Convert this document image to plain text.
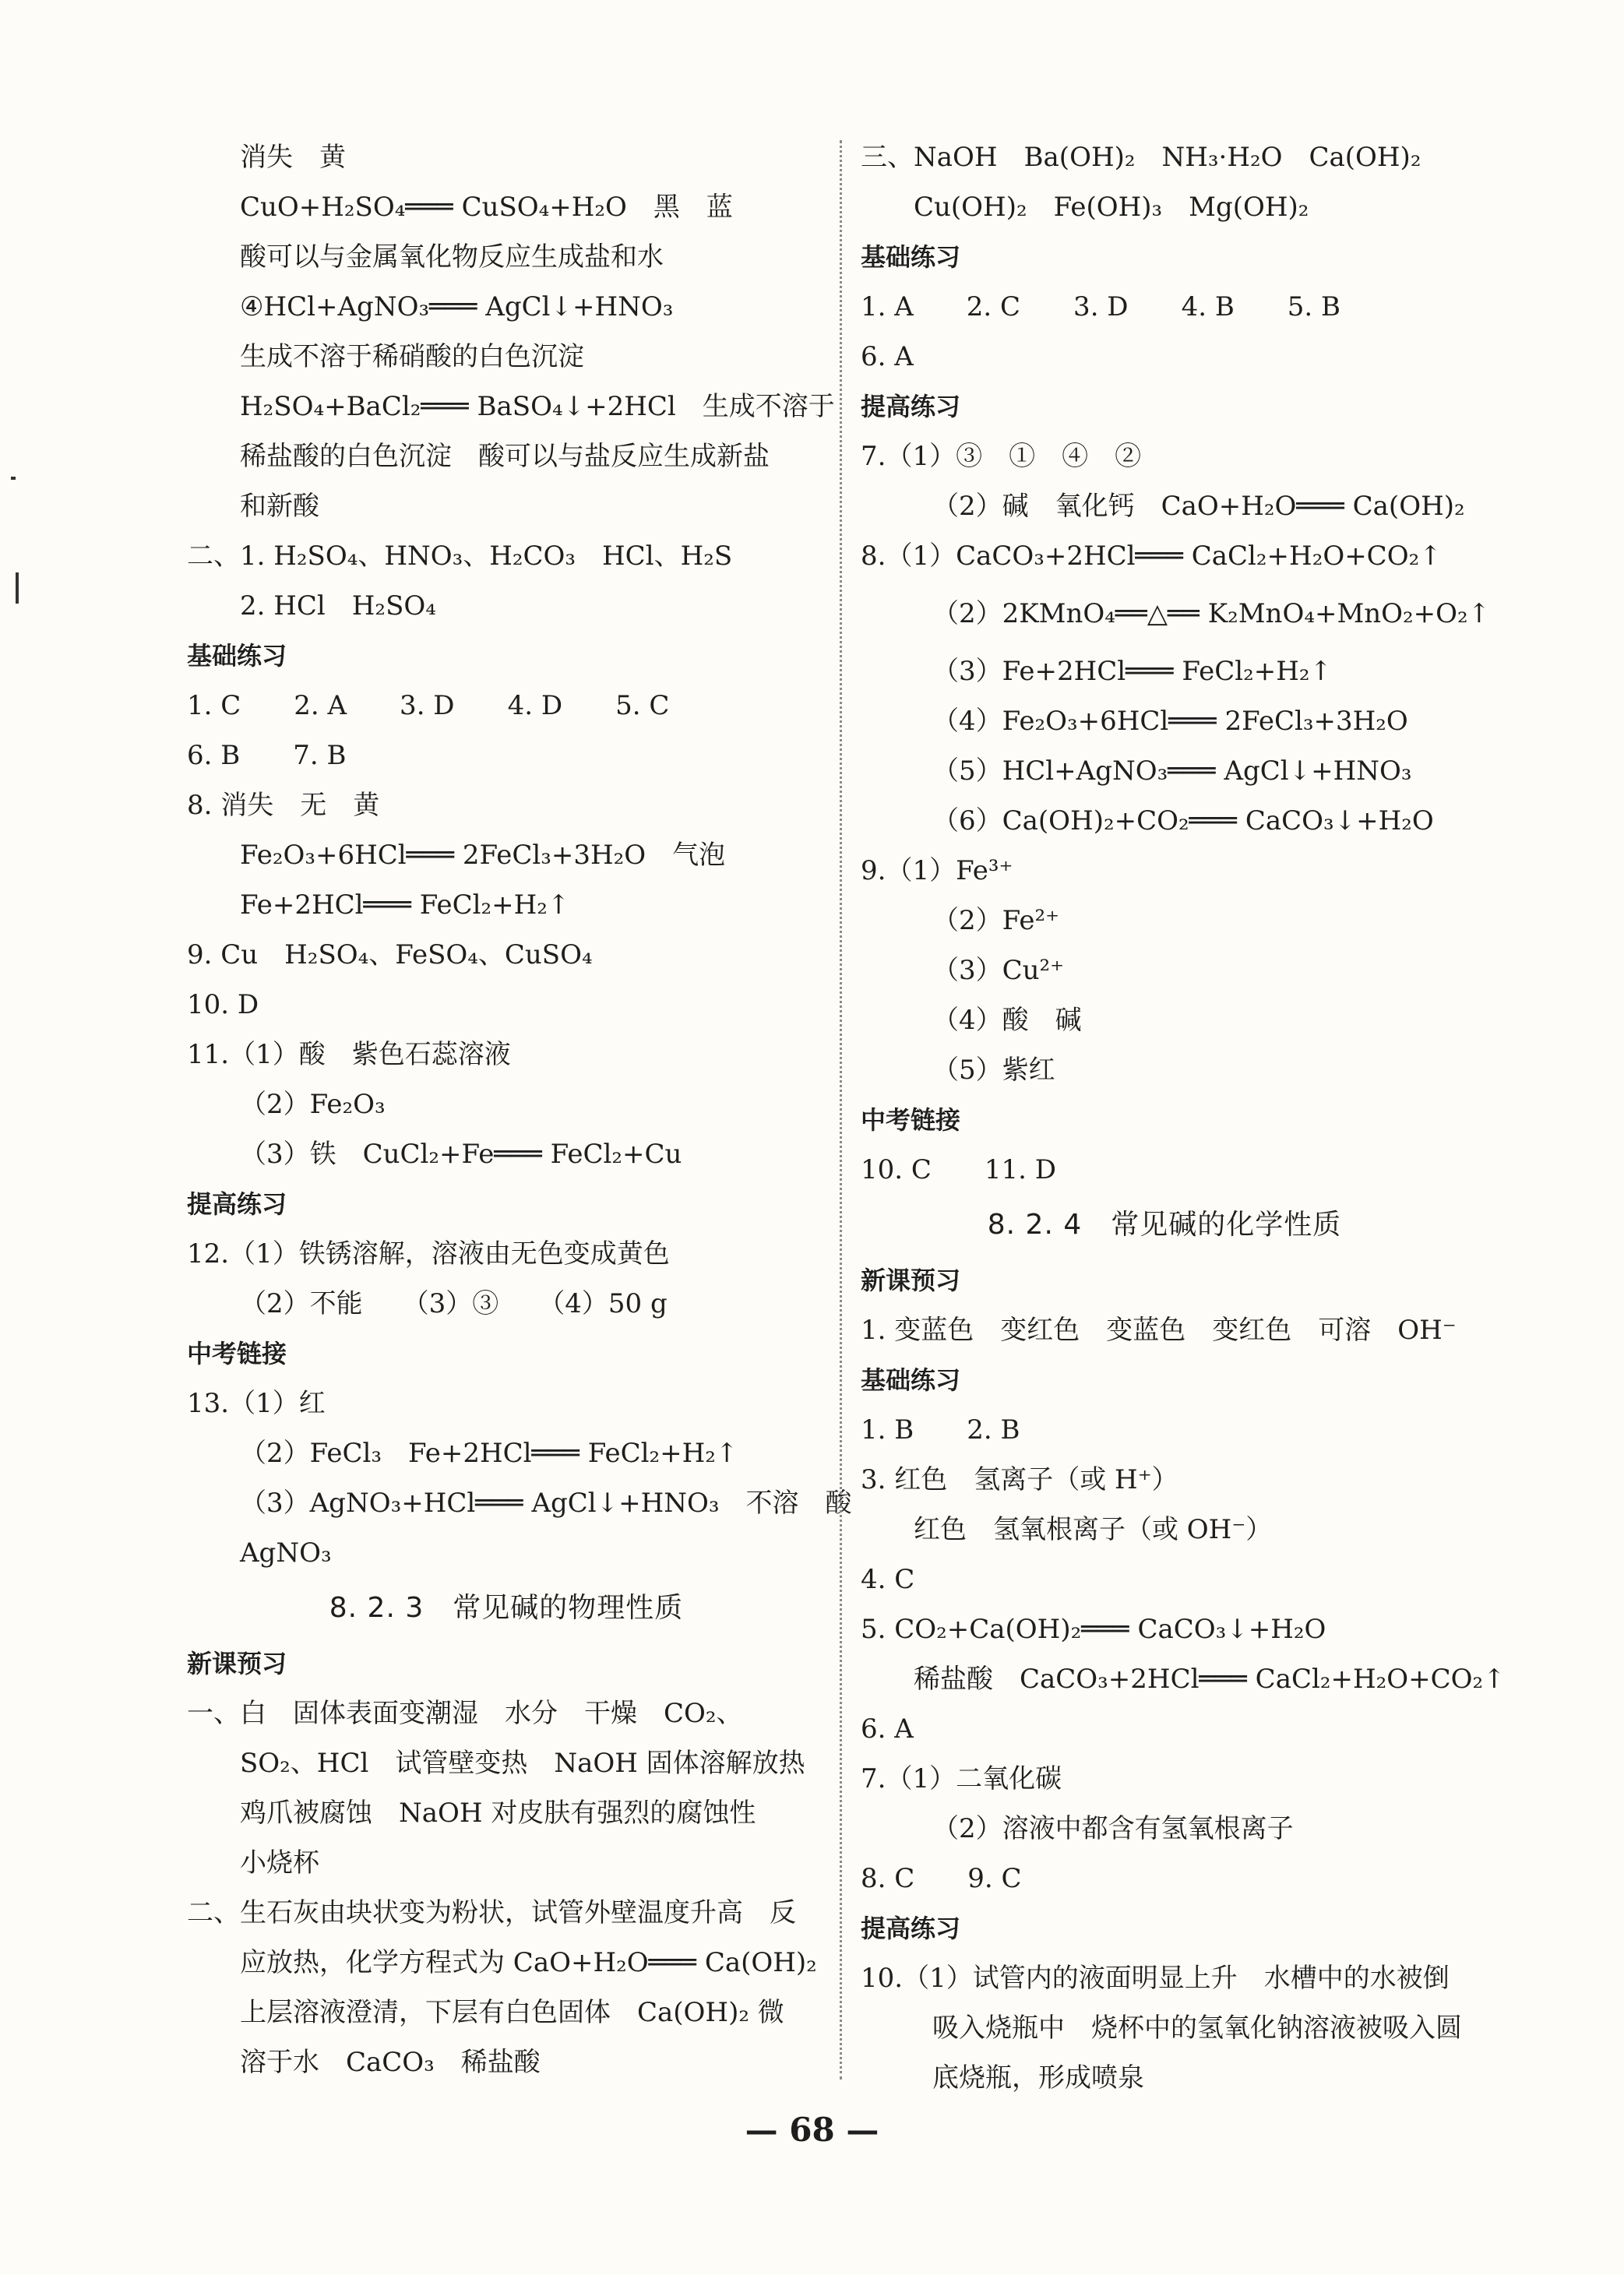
消失　黄
CuO+H₂SO₄═══ CuSO₄+H₂O　黑　蓝
酸可以与金属氧化物反应生成盐和水
④HCl+AgNO₃═══ AgCl↓+HNO₃
生成不溶于稀硝酸的白色沉淀
H₂SO₄+BaCl₂═══ BaSO₄↓+2HCl　生成不溶于
稀盐酸的白色沉淀　酸可以与盐反应生成新盐
和新酸
二、1. H₂SO₄、HNO₃、H₂CO₃　HCl、H₂S
2. HCl　H₂SO₄
基础练习
1. C　　2. A　　3. D　　4. D　　5. C
6. B　　7. B
8. 消失　无　黄
Fe₂O₃+6HCl═══ 2FeCl₃+3H₂O　气泡
Fe+2HCl═══ FeCl₂+H₂↑
9. Cu　H₂SO₄、FeSO₄、CuSO₄
10. D
11.（1）酸　紫色石蕊溶液
（2）Fe₂O₃
（3）铁　CuCl₂+Fe═══ FeCl₂+Cu
提高练习
12.（1）铁锈溶解，溶液由无色变成黄色
（2）不能　　（3）③　　（4）50 g
中考链接
13.（1）红
（2）FeCl₃　Fe+2HCl═══ FeCl₂+H₂↑
（3）AgNO₃+HCl═══ AgCl↓+HNO₃　不溶　酸
AgNO₃
8. 2. 3　常见碱的物理性质
新课预习
一、白　固体表面变潮湿　水分　干燥　CO₂、
SO₂、HCl　试管壁变热　NaOH 固体溶解放热
鸡爪被腐蚀　NaOH 对皮肤有强烈的腐蚀性
小烧杯
二、生石灰由块状变为粉状，试管外壁温度升高　反
应放热，化学方程式为 CaO+H₂O═══ Ca(OH)₂
上层溶液澄清，下层有白色固体　Ca(OH)₂ 微
溶于水　CaCO₃　稀盐酸
三、NaOH　Ba(OH)₂　NH₃·H₂O　Ca(OH)₂
Cu(OH)₂　Fe(OH)₃　Mg(OH)₂
基础练习
1. A　　2. C　　3. D　　4. B　　5. B
6. A
提高练习
7.（1）③　①　④　②
（2）碱　氧化钙　CaO+H₂O═══ Ca(OH)₂
8.（1）CaCO₃+2HCl═══ CaCl₂+H₂O+CO₂↑
（2）2KMnO₄══△══ K₂MnO₄+MnO₂+O₂↑
（3）Fe+2HCl═══ FeCl₂+H₂↑
（4）Fe₂O₃+6HCl═══ 2FeCl₃+3H₂O
（5）HCl+AgNO₃═══ AgCl↓+HNO₃
（6）Ca(OH)₂+CO₂═══ CaCO₃↓+H₂O
9.（1）Fe³⁺
（2）Fe²⁺
（3）Cu²⁺
（4）酸　碱
（5）紫红
中考链接
10. C　　11. D
8. 2. 4　常见碱的化学性质
新课预习
1. 变蓝色　变红色　变蓝色　变红色　可溶　OH⁻
基础练习
1. B　　2. B
3. 红色　氢离子（或 H⁺）
红色　氢氧根离子（或 OH⁻）
4. C
5. CO₂+Ca(OH)₂═══ CaCO₃↓+H₂O
稀盐酸　CaCO₃+2HCl═══ CaCl₂+H₂O+CO₂↑
6. A
7.（1）二氧化碳
（2）溶液中都含有氢氧根离子
8. C　　9. C
提高练习
10.（1）试管内的液面明显上升　水槽中的水被倒
吸入烧瓶中　烧杯中的氢氧化钠溶液被吸入圆
底烧瓶，形成喷泉
— 68 —
